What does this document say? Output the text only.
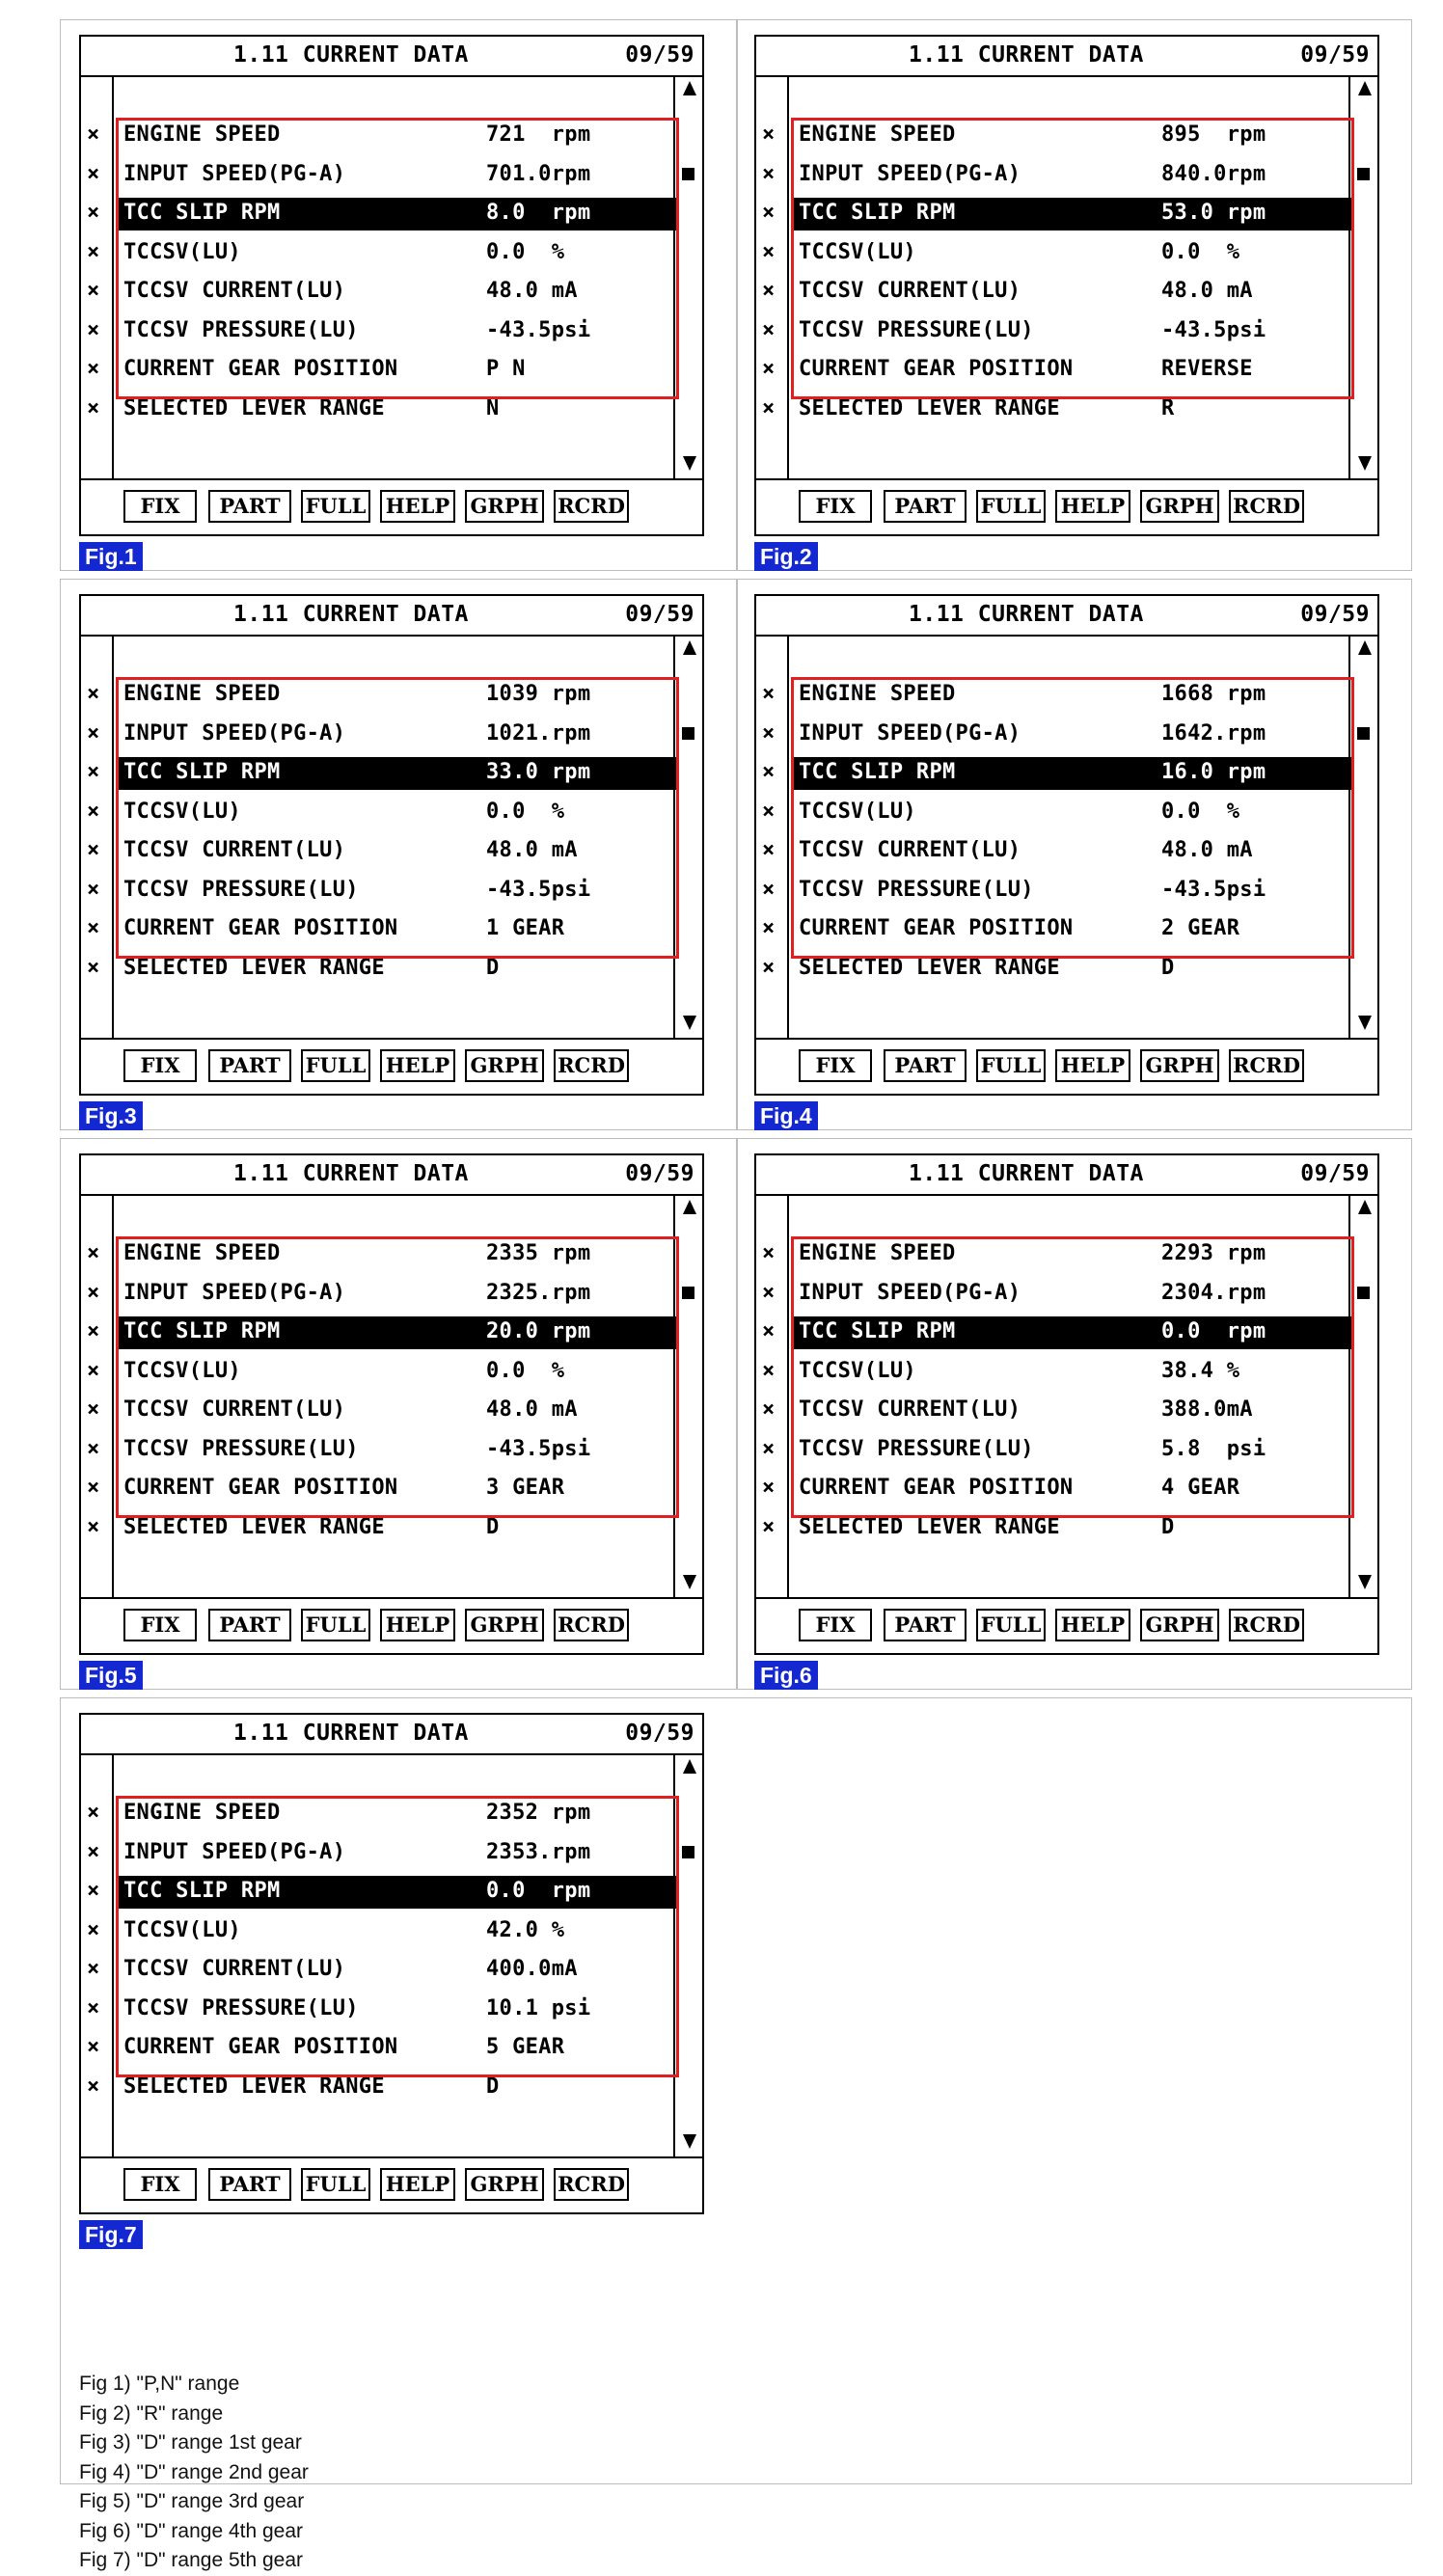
1.11 CURRENT DATA	09/59
× ENGINE SPEED	721  rpm
× INPUT SPEED(PG-A)	701.0rpm
× TCC SLIP RPM	8.0  rpm
× TCCSV(LU)	0.0  %
× TCCSV CURRENT(LU)	48.0 mA
× TCCSV PRESSURE(LU)	-43.5psi
× CURRENT GEAR POSITION	P N
× SELECTED LEVER RANGE	N
FIX	PART	FULL HELP GRPH RCRD
Fig.1
1.11 CURRENT DATA	09/59
× ENGINE SPEED	895  rpm
× INPUT SPEED(PG-A)	840.0rpm
× TCC SLIP RPM	53.0 rpm
× TCCSV(LU)	0.0  %
× TCCSV CURRENT(LU)	48.0 mA
× TCCSV PRESSURE(LU)	-43.5psi
× CURRENT GEAR POSITION	REVERSE
× SELECTED LEVER RANGE	R
FIX	PART	FULL HELP GRPH RCRD
Fig.2
1.11 CURRENT DATA	09/59
× ENGINE SPEED	1039 rpm
× INPUT SPEED(PG-A)	1021.rpm
× TCC SLIP RPM	33.0 rpm
× TCCSV(LU)	0.0  %
× TCCSV CURRENT(LU)	48.0 mA
× TCCSV PRESSURE(LU)	-43.5psi
× CURRENT GEAR POSITION	1 GEAR
× SELECTED LEVER RANGE	D
FIX	PART	FULL HELP GRPH RCRD
Fig.3
1.11 CURRENT DATA	09/59
× ENGINE SPEED	1668 rpm
× INPUT SPEED(PG-A)	1642.rpm
× TCC SLIP RPM	16.0 rpm
× TCCSV(LU)	0.0  %
× TCCSV CURRENT(LU)	48.0 mA
× TCCSV PRESSURE(LU)	-43.5psi
× CURRENT GEAR POSITION	2 GEAR
× SELECTED LEVER RANGE	D
FIX	PART	FULL HELP GRPH RCRD
Fig.4
1.11 CURRENT DATA	09/59
× ENGINE SPEED	2335 rpm
× INPUT SPEED(PG-A)	2325.rpm
× TCC SLIP RPM	20.0 rpm
× TCCSV(LU)	0.0  %
× TCCSV CURRENT(LU)	48.0 mA
× TCCSV PRESSURE(LU)	-43.5psi
× CURRENT GEAR POSITION	3 GEAR
× SELECTED LEVER RANGE	D
FIX	PART	FULL HELP GRPH RCRD
Fig.5
1.11 CURRENT DATA	09/59
× ENGINE SPEED	2293 rpm
× INPUT SPEED(PG-A)	2304.rpm
× TCC SLIP RPM	0.0  rpm
× TCCSV(LU)	38.4 %
× TCCSV CURRENT(LU)	388.0mA
× TCCSV PRESSURE(LU)	5.8  psi
× CURRENT GEAR POSITION	4 GEAR
× SELECTED LEVER RANGE	D
FIX	PART	FULL HELP GRPH RCRD
Fig.6
1.11 CURRENT DATA	09/59
× ENGINE SPEED	2352 rpm
× INPUT SPEED(PG-A)	2353.rpm
× TCC SLIP RPM	0.0  rpm
× TCCSV(LU)	42.0 %
× TCCSV CURRENT(LU)	400.0mA
× TCCSV PRESSURE(LU)	10.1 psi
× CURRENT GEAR POSITION	5 GEAR
× SELECTED LEVER RANGE	D
FIX	PART	FULL HELP GRPH RCRD
Fig.7
Fig 1) "P,N" range
Fig 2) "R" range
Fig 3) "D" range 1st gear
Fig 4) "D" range 2nd gear
Fig 5) "D" range 3rd gear
Fig 6) "D" range 4th gear
Fig 7) "D" range 5th gear
